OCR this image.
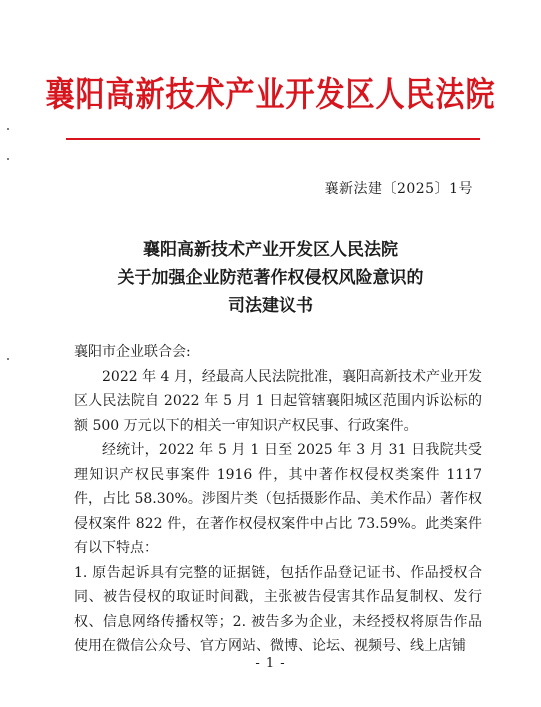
襄阳高新技术产业开发区人民法院
襄新法建〔2025〕1号
襄阳高新技术产业开发区人民法院
关于加强企业防范著作权侵权风险意识的
司法建议书

襄阳市企业联合会:

2022 年 4 月，经最高人民法院批准，襄阳高新技术产业开发区人民法院自 2022 年 5 月 1 日起管辖襄阳城区范围内诉讼标的额 500 万元以下的相关一审知识产权民事、行政案件。

经统计，2022 年 5 月 1 日至 2025 年 3 月 31 日我院共受理知识产权民事案件 1916 件，其中著作权侵权类案件 1117 件，占比 58.30%。涉图片类（包括摄影作品、美术作品）著作权侵权案件 822 件，在著作权侵权案件中占比 73.59%。此类案件有以下特点：

1. 原告起诉具有完整的证据链，包括作品登记证书、作品授权合同、被告侵权的取证时间戳，主张被告侵害其作品复制权、发行权、信息网络传播权等；2. 被告多为企业，未经授权将原告作品使用在微信公众号、官方网站、微博、论坛、视频号、线上店铺

- 1 -
